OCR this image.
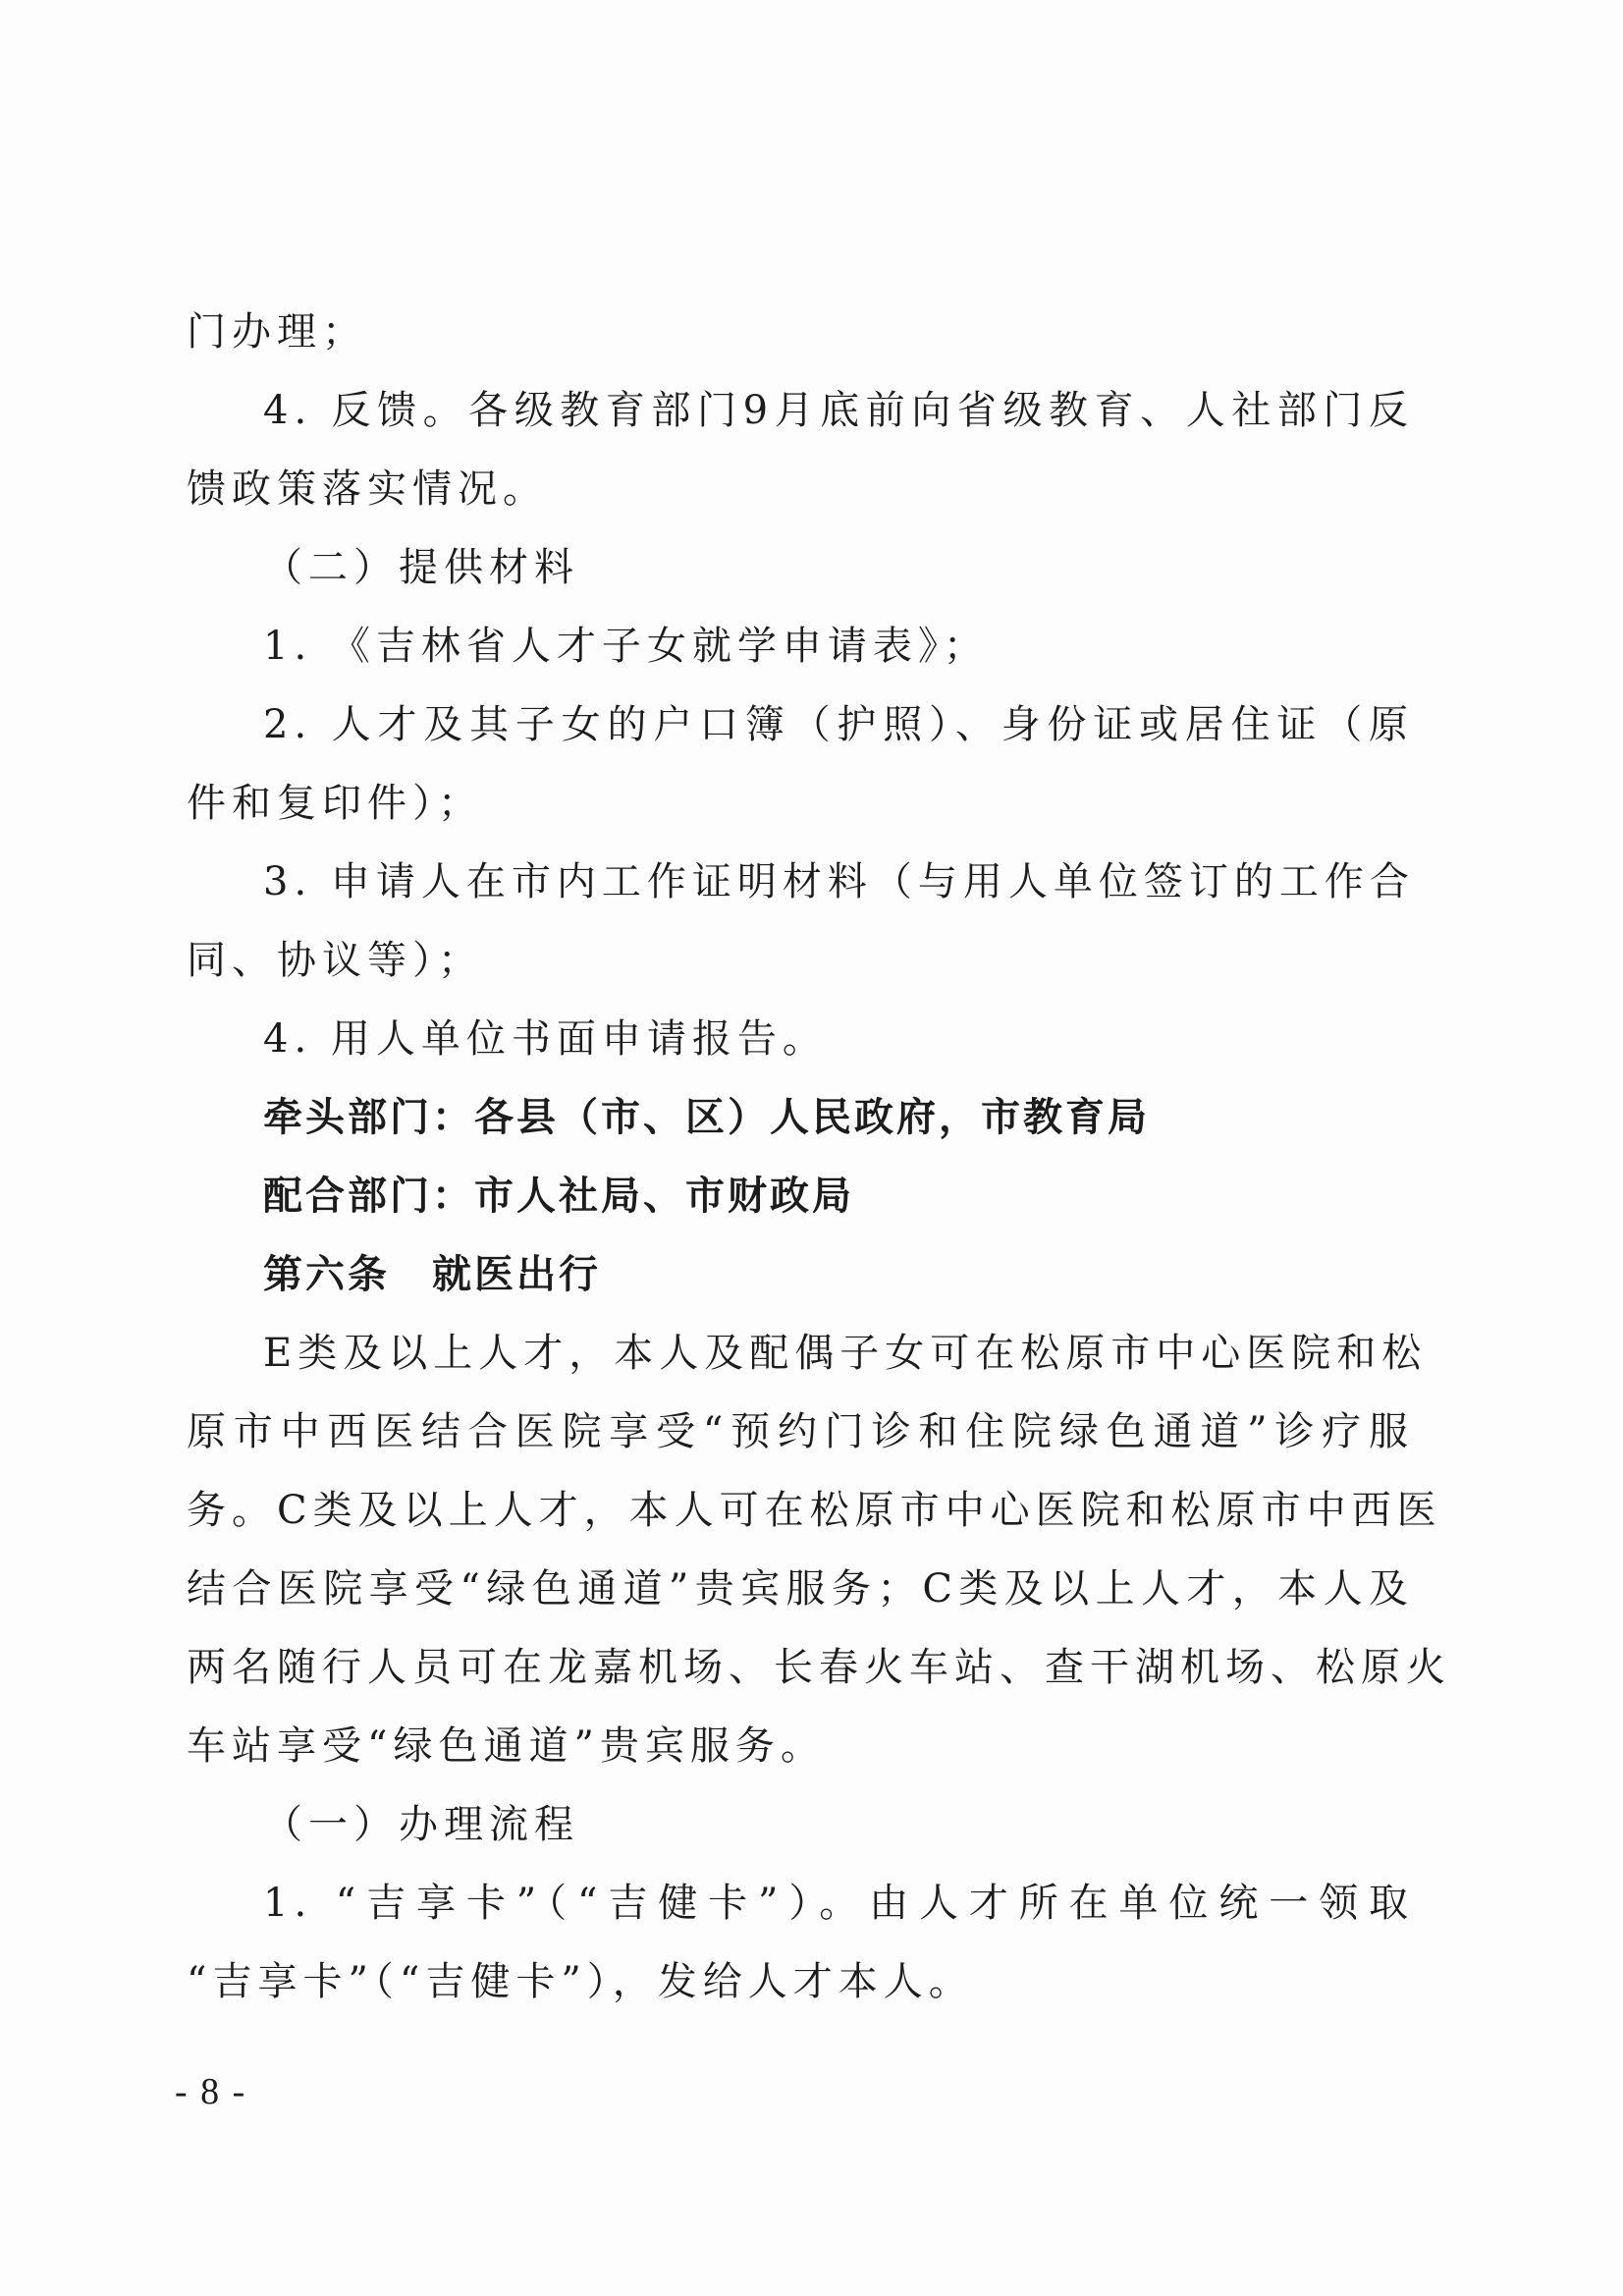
门办理；
4. 反馈。各级教育部门9月底前向省级教育、人社部门反
馈政策落实情况。
（二）提供材料
1. 《吉林省人才子女就学申请表》；
2. 人才及其子女的户口簿（护照）、身份证或居住证（原
件和复印件）；
3. 申请人在市内工作证明材料（与用人单位签订的工作合
同、协议等）；
4. 用人单位书面申请报告。
牵头部门：各县（市、区）人民政府，市教育局
配合部门：市人社局、市财政局
第六条　就医出行
E类及以上人才，本人及配偶子女可在松原市中心医院和松
原市中西医结合医院享受“预约门诊和住院绿色通道”诊疗服
务。C类及以上人才，本人可在松原市中心医院和松原市中西医
结合医院享受“绿色通道”贵宾服务；C类及以上人才，本人及
两名随行人员可在龙嘉机场、长春火车站、查干湖机场、松原火
车站享受“绿色通道”贵宾服务。
（一）办理流程
1. “吉享卡”（“吉健卡”）。由人才所在单位统一领取
“吉享卡”（“吉健卡”），发给人才本人。
- 8 -
